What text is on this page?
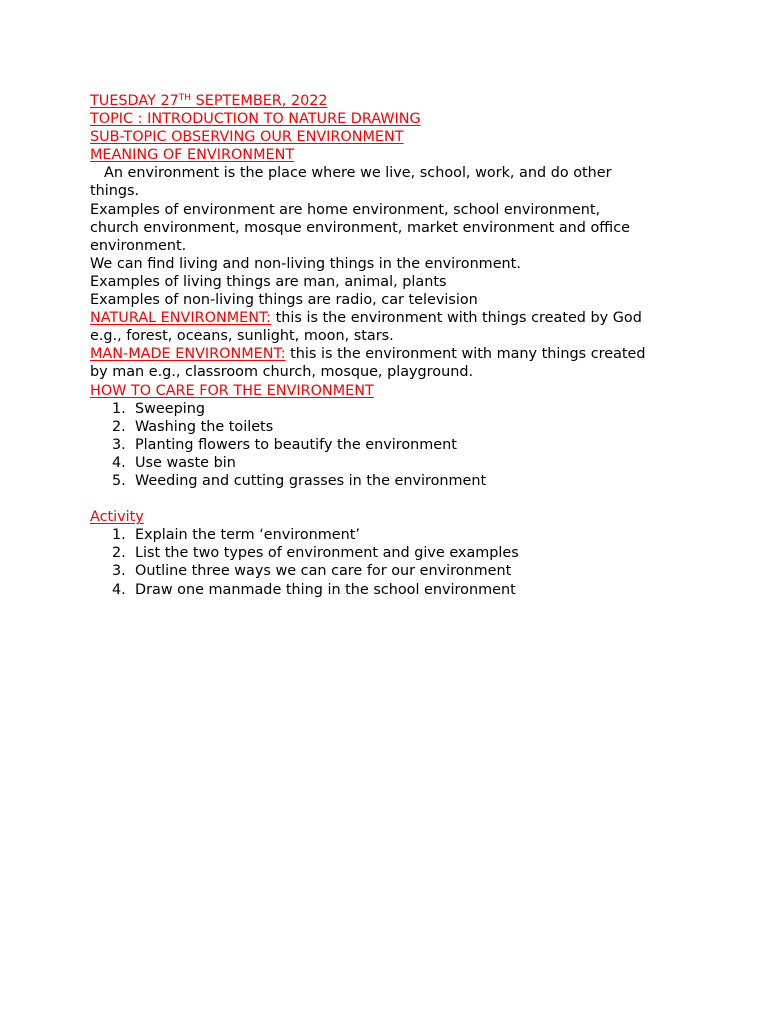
TUESDAY 27TH SEPTEMBER, 2022
TOPIC : INTRODUCTION TO NATURE DRAWING
SUB-TOPIC OBSERVING OUR ENVIRONMENT
MEANING OF ENVIRONMENT
An environment is the place where we live, school, work, and do other
things.
Examples of environment are home environment, school environment,
church environment, mosque environment, market environment and office
environment.
We can find living and non-living things in the environment.
Examples of living things are man, animal, plants
Examples of non-living things are radio, car television
NATURAL ENVIRONMENT: this is the environment with things created by God
e.g., forest, oceans, sunlight, moon, stars.
MAN-MADE ENVIRONMENT: this is the environment with many things created
by man e.g., classroom church, mosque, playground.
HOW TO CARE FOR THE ENVIRONMENT
1. Sweeping
2. Washing the toilets
3. Planting flowers to beautify the environment
4. Use waste bin
5. Weeding and cutting grasses in the environment
Activity
1. Explain the term ‘environment’
2. List the two types of environment and give examples
3. Outline three ways we can care for our environment
4. Draw one manmade thing in the school environment
